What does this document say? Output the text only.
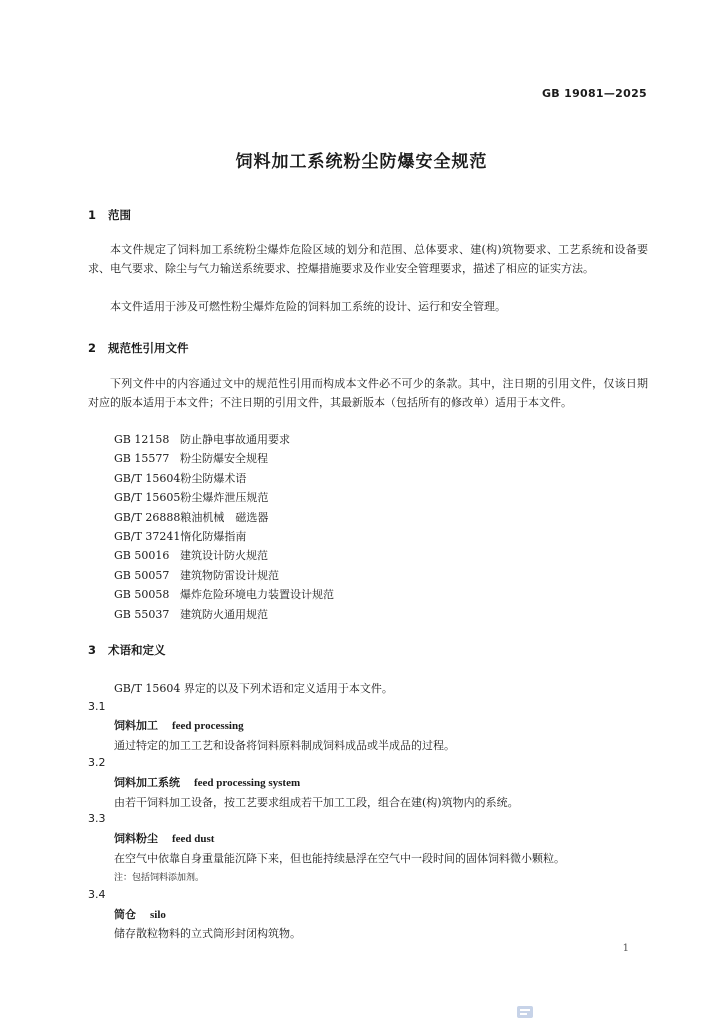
GB 19081—2025
饲料加工系统粉尘防爆安全规范
1 范围

本文件规定了饲料加工系统粉尘爆炸危险区域的划分和范围、总体要求、建(构)筑物要求、工艺系统和设备要求、电气要求、除尘与气力输送系统要求、控爆措施要求及作业安全管理要求，描述了相应的证实方法。

本文件适用于涉及可燃性粉尘爆炸危险的饲料加工系统的设计、运行和安全管理。

2 规范性引用文件

下列文件中的内容通过文中的规范性引用而构成本文件必不可少的条款。其中，注日期的引用文件，仅该日期对应的版本适用于本文件；不注日期的引用文件，其最新版本（包括所有的修改单）适用于本文件。

GB 12158 防止静电事故通用要求
GB 15577 粉尘防爆安全规程
GB/T 15604粉尘防爆术语
GB/T 15605粉尘爆炸泄压规范
GB/T 26888粮油机械　磁选器
GB/T 37241惰化防爆指南
GB 50016 建筑设计防火规范
GB 50057 建筑物防雷设计规范
GB 50058 爆炸危险环境电力装置设计规范
GB 55037 建筑防火通用规范
3 术语和定义
GB/T 15604 界定的以及下列术语和定义适用于本文件。
3.1
饲料加工 feed processing
通过特定的加工工艺和设备将饲料原料制成饲料成品或半成品的过程。
3.2
饲料加工系统 feed processing system
由若干饲料加工设备，按工艺要求组成若干加工工段，组合在建(构)筑物内的系统。
3.3
饲料粉尘 feed dust
在空气中依靠自身重量能沉降下来，但也能持续悬浮在空气中一段时间的固体饲料微小颗粒。
注：包括饲料添加剂。
3.4
筒仓 silo
储存散粒物料的立式筒形封闭构筑物。
1
